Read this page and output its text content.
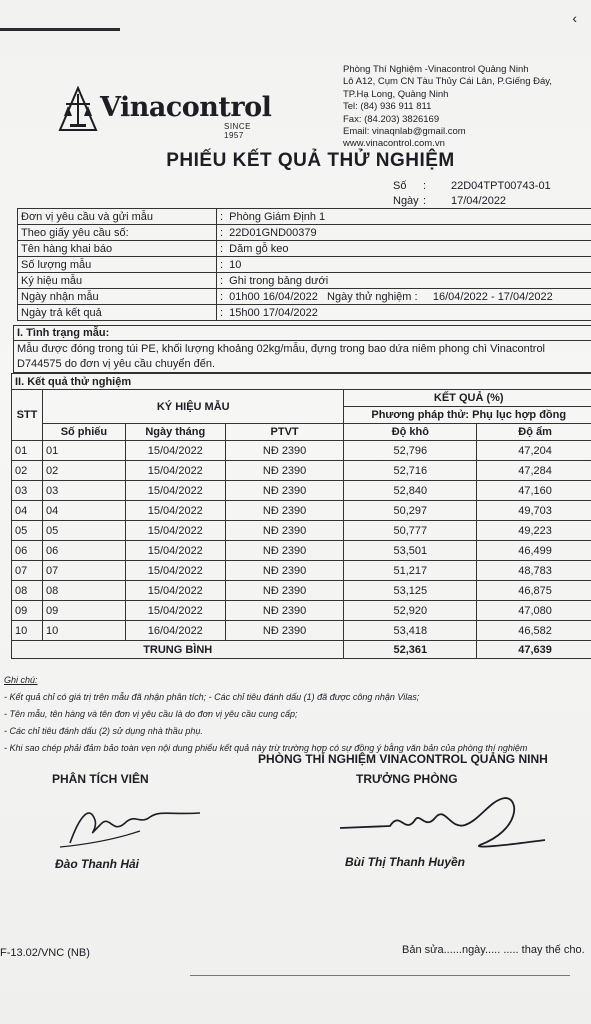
‹
Vinacontrol
SINCE 1957
Phòng Thí Nghiệm -Vinacontrol Quảng Ninh
Lô A12, Cụm CN Tàu Thủy Cái Lân, P.Giếng Đáy,
TP.Hạ Long, Quảng Ninh
Tel: (84) 936 911 811
Fax: (84.203) 3826169
Email: vinaqnlab@gmail.com
www.vinacontrol.com.vn
PHIẾU KẾT QUẢ THỬ NGHIỆM
Số	:	22D04TPT00743-01
Ngày :	17/04/2022
Đơn vị yêu cầu và gửi mẫu	:  Phòng Giám Định 1
Theo giấy yêu cầu số:	:  22D01GND00379
Tên hàng khai báo	:  Dăm gỗ keo
Số lượng mẫu	:  10
Ký hiệu mẫu	:  Ghi trong bảng dưới
Ngày nhận mẫu	:  01h00 16/04/2022 Ngày thử nghiệm : 16/04/2022 - 17/04/2022
Ngày trả kết quả	:  15h00 17/04/2022
I. Tình trạng mẫu:
Mẫu được đóng trong túi PE, khối lượng khoảng 02kg/mẫu, đựng trong bao dứa niêm phong chì Vinacontrol D744575 do đơn vị yêu cầu chuyển đến.
II. Kết quả thử nghiệm					
STT	KÝ HIỆU MẪU			KẾT QUẢ (%)	
				Phương pháp thử: Phụ lục hợp đồng	
	Số phiếu	Ngày tháng	PTVT	Độ khô	Độ ẩm
01	01	15/04/2022	NĐ 2390	52,796	47,204
02	02	15/04/2022	NĐ 2390	52,716	47,284
03	03	15/04/2022	NĐ 2390	52,840	47,160
04	04	15/04/2022	NĐ 2390	50,297	49,703
05	05	15/04/2022	NĐ 2390	50,777	49,223
06	06	15/04/2022	NĐ 2390	53,501	46,499
07	07	15/04/2022	NĐ 2390	51,217	48,783
08	08	15/04/2022	NĐ 2390	53,125	46,875
09	09	15/04/2022	NĐ 2390	52,920	47,080
10	10	16/04/2022	NĐ 2390	53,418	46,582
TRUNG BÌNH				52,361	47,639
Ghi chú:
- Kết quả chỉ có giá trị trên mẫu đã nhận phân tích; - Các chỉ tiêu đánh dấu (1) đã được công nhận Vilas;
- Tên mẫu, tên hàng và tên đơn vị yêu cầu là do đơn vị yêu cầu cung cấp;
- Các chỉ tiêu đánh dấu (2) sử dụng nhà thầu phụ.
- Khi sao chép phải đảm bảo toàn vẹn nội dung phiếu kết quả này trừ trường hợp có sự đồng ý bằng văn bản của phòng thí nghiệm
PHÒNG THÍ NGHIỆM VINACONTROL QUẢNG NINH
PHÂN TÍCH VIÊN	TRƯỞNG PHÒNG
Đào Thanh Hải	Bùi Thị Thanh Huyền
F-13.02/VNC (NB)	Bản sửa......ngày..... ..... thay thế cho.
